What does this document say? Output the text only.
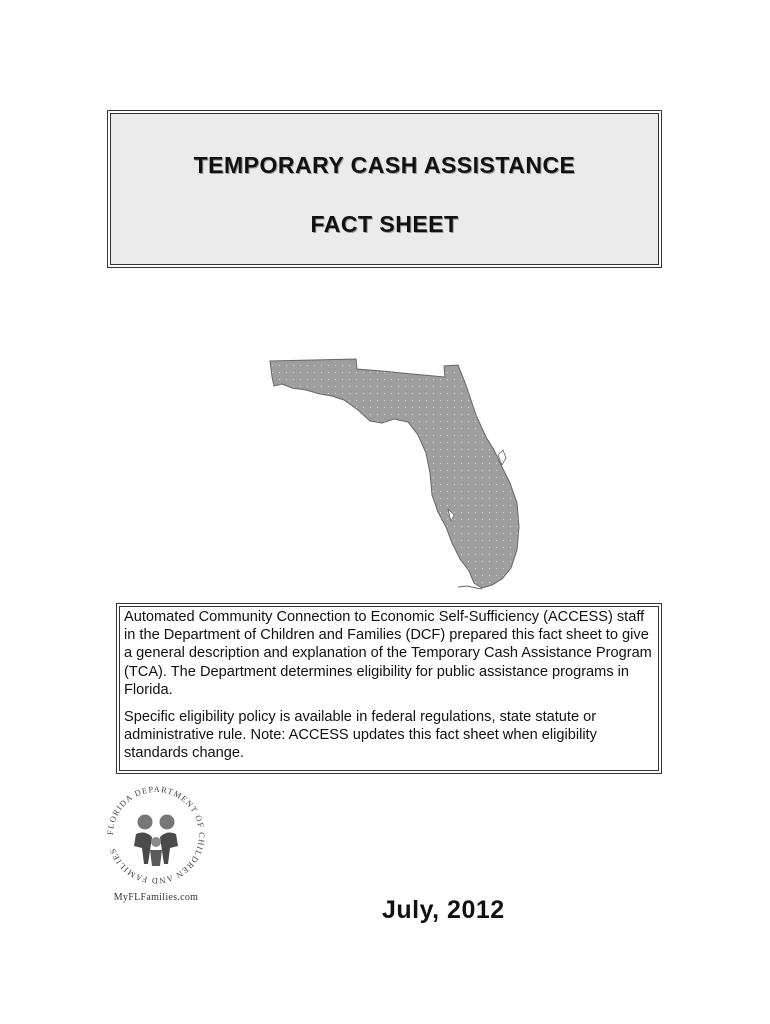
TEMPORARY CASH ASSISTANCE
FACT SHEET

Automated Community Connection to Economic Self-Sufficiency (ACCESS) staff in the Department of Children and Families (DCF) prepared this fact sheet to give a general description and explanation of the Temporary Cash Assistance Program (TCA). The Department determines eligibility for public assistance programs in Florida.

Specific eligibility policy is available in federal regulations, state statute or administrative rule. Note: ACCESS updates this fact sheet when eligibility standards change.

FLORIDA DEPARTMENT OF CHILDREN AND FAMILIES
MyFLFamilies.com	July, 2012
